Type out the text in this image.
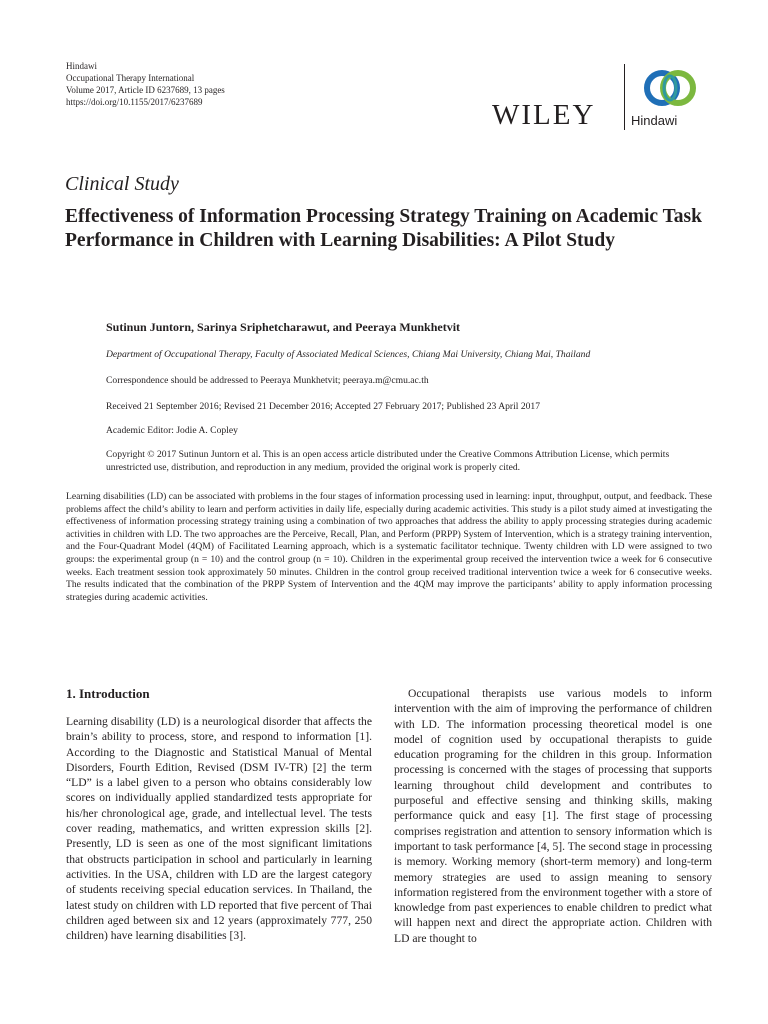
Hindawi
Occupational Therapy International
Volume 2017, Article ID 6237689, 13 pages
https://doi.org/10.1155/2017/6237689	WILEY	Hindawi
Clinical Study
Effectiveness of Information Processing Strategy Training on Academic Task Performance in Children with Learning Disabilities: A Pilot Study
Sutinun Juntorn, Sarinya Sriphetcharawut, and Peeraya Munkhetvit
Department of Occupational Therapy, Faculty of Associated Medical Sciences, Chiang Mai University, Chiang Mai, Thailand
Correspondence should be addressed to Peeraya Munkhetvit; peeraya.m@cmu.ac.th
Received 21 September 2016; Revised 21 December 2016; Accepted 27 February 2017; Published 23 April 2017
Academic Editor: Jodie A. Copley
Copyright © 2017 Sutinun Juntorn et al. This is an open access article distributed under the Creative Commons Attribution License, which permits unrestricted use, distribution, and reproduction in any medium, provided the original work is properly cited.
Learning disabilities (LD) can be associated with problems in the four stages of information processing used in learning: input, throughput, output, and feedback. These problems affect the child’s ability to learn and perform activities in daily life, especially during academic activities. This study is a pilot study aimed at investigating the effectiveness of information processing strategy training using a combination of two approaches that address the ability to apply processing strategies during academic activities in children with LD. The two approaches are the Perceive, Recall, Plan, and Perform (PRPP) System of Intervention, which is a strategy training intervention, and the Four-Quadrant Model (4QM) of Facilitated Learning approach, which is a systematic facilitator technique. Twenty children with LD were assigned to two groups: the experimental group (n = 10) and the control group (n = 10). Children in the experimental group received the intervention twice a week for 6 consecutive weeks. Each treatment session took approximately 50 minutes. Children in the control group received traditional intervention twice a week for 6 consecutive weeks. The results indicated that the combination of the PRPP System of Intervention and the 4QM may improve the participants’ ability to apply information processing strategies during academic activities.
1. Introduction

Learning disability (LD) is a neurological disorder that affects the brain’s ability to process, store, and respond to information [1]. According to the Diagnostic and Statistical Manual of Mental Disorders, Fourth Edition, Revised (DSM IV-TR) [2] the term “LD” is a label given to a person who obtains considerably low scores on individually applied standardized tests appropriate for his/her chronological age, grade, and intellectual level. The tests cover reading, mathematics, and written expression skills [2]. Presently, LD is seen as one of the most significant limitations that obstructs participation in school and particularly in learning activities. In the USA, children with LD are the largest category of students receiving special education services. In Thailand, the latest study on children with LD reported that five percent of Thai children aged between six and 12 years (approximately 777, 250 children) have learning disabilities [3].

Occupational therapists use various models to inform intervention with the aim of improving the performance of children with LD. The information processing theoretical model is one model of cognition used by occupational therapists to guide education programing for the children in this group. Information processing is concerned with the stages of processing that supports learning throughout child development and contributes to purposeful and effective sensing and thinking skills, making performance quick and easy [1]. The first stage of processing comprises registration and attention to sensory information which is important to task performance [4, 5]. The second stage in processing is memory. Working memory (short-term memory) and long-term memory strategies are used to assign meaning to sensory information registered from the environment together with a store of knowledge from past experiences to enable children to predict what will happen next and direct the appropriate action. Children with LD are thought to
